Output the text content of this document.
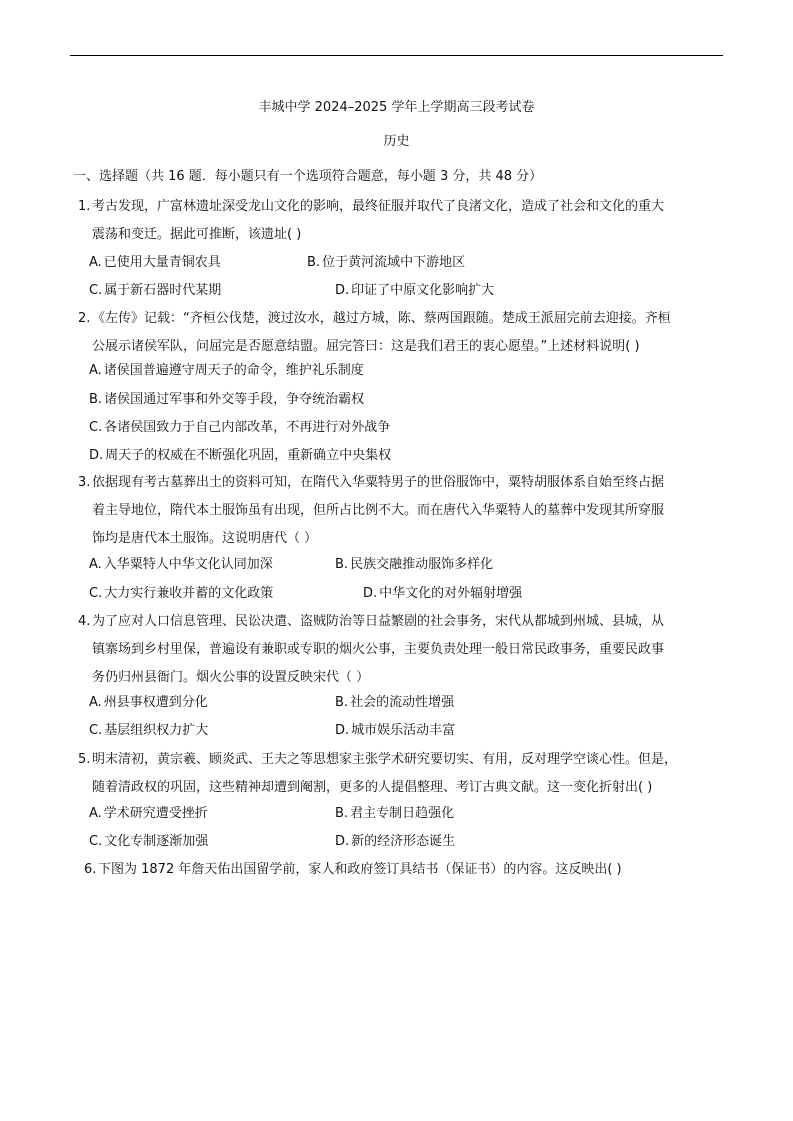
丰城中学 2024–2025 学年上学期高三段考试卷
历史
一、选择题（共 16 题．每小题只有一个选项符合题意，每小题 3 分，共 48 分）
1. 考古发现，广富林遗址深受龙山文化的影响，最终征服并取代了良渚文化，造成了社会和文化的重大
震荡和变迁。据此可推断，该遗址( )
A. 已使用大量青铜农具	B. 位于黄河流域中下游地区
C. 属于新石器时代某期	D. 印证了中原文化影响扩大
2. 《左传》记载：“齐桓公伐楚，渡过汝水，越过方城，陈、蔡两国跟随。楚成王派屈完前去迎接。齐桓
公展示诸侯军队，问屈完是否愿意结盟。屈完答曰：这是我们君王的衷心愿望。”上述材料说明( )
A. 诸侯国普遍遵守周天子的命令，维护礼乐制度
B. 诸侯国通过军事和外交等手段，争夺统治霸权
C. 各诸侯国致力于自己内部改革，不再进行对外战争
D. 周天子的权威在不断强化巩固，重新确立中央集权
3. 依据现有考古墓葬出土的资料可知，在隋代入华粟特男子的世俗服饰中，粟特胡服体系自始至终占据
着主导地位，隋代本土服饰虽有出现，但所占比例不大。而在唐代入华粟特人的墓葬中发现其所穿服
饰均是唐代本土服饰。这说明唐代（ ）
A. 入华粟特人中华文化认同加深	B. 民族交融推动服饰多样化
C. 大力实行兼收并蓄的文化政策	D. 中华文化的对外辐射增强
4. 为了应对人口信息管理、民讼决遣、盗贼防治等日益繁剧的社会事务，宋代从都城到州城、县城，从
镇寨场到乡村里保，普遍设有兼职或专职的烟火公事，主要负责处理一般日常民政事务，重要民政事
务仍归州县衙门。烟火公事的设置反映宋代（ ）
A. 州县事权遭到分化	B. 社会的流动性增强
C. 基层组织权力扩大	D. 城市娱乐活动丰富
5. 明末清初，黄宗羲、顾炎武、王夫之等思想家主张学术研究要切实、有用，反对理学空谈心性。但是，
随着清政权的巩固，这些精神却遭到阉割，更多的人提倡整理、考订古典文献。这一变化折射出( )
A. 学术研究遭受挫折	B. 君主专制日趋强化
C. 文化专制逐渐加强	D. 新的经济形态诞生
6. 下图为 1872 年詹天佑出国留学前，家人和政府签订具结书（保证书）的内容。这反映出( )
